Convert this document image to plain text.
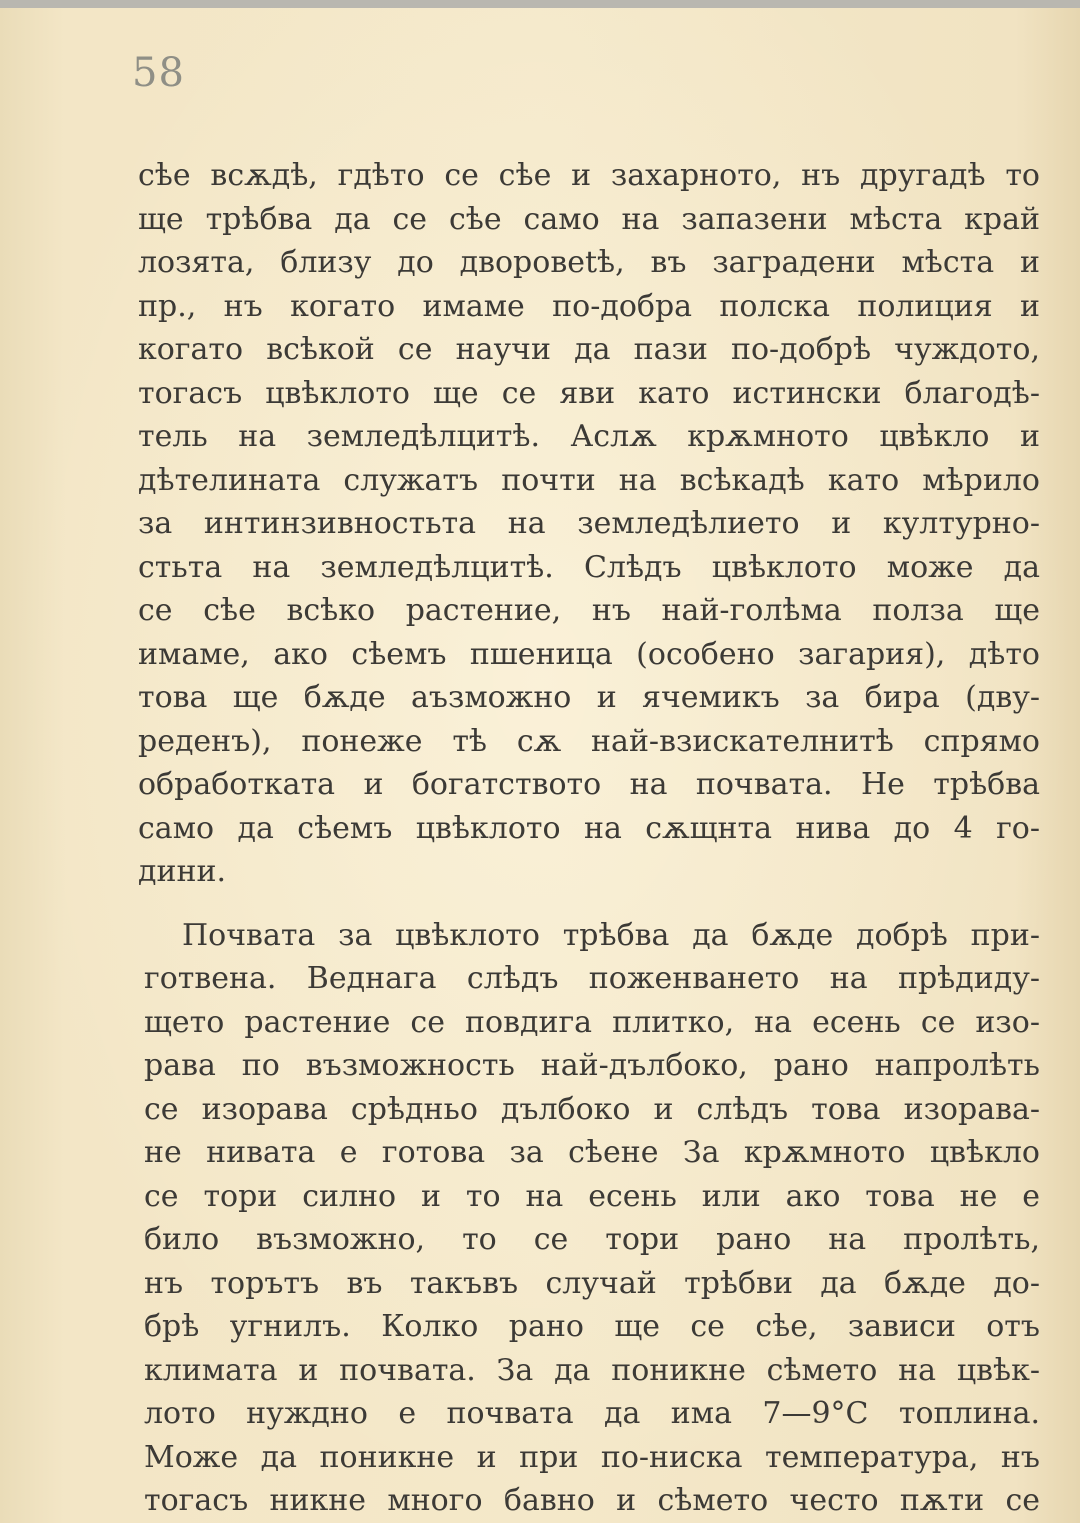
58
сѣе всѫдѣ, гдѣто се сѣе и захарното, нъ другадѣ то
ще трѣбва да се сѣе само на запазени мѣста край
лозята, близу до дворовetѣ, въ заградени мѣста и
пр., нъ когато имаме по-добра полска полиция и
когато всѣкой се научи да пази по-добрѣ чуждото,
тогасъ цвѣклото ще се яви като истински благодѣ-
тель на земледѣлцитѣ. Аслѫ крѫмното цвѣкло и
дѣтелината служатъ почти на всѣкадѣ като мѣрило
за интинзивностьта на земледѣлието и културно-
стьта на земледѣлцитѣ. Слѣдъ цвѣклото може да
се сѣе всѣко растение, нъ най-голѣма полза ще
имаме, ако сѣемъ пшеница (особено загария), дѣто
това ще бѫде аъзможно и ячемикъ за бира (дву-
реденъ), понеже тѣ сѫ най-взискателнитѣ спрямо
обработката и богатството на почвата. Не трѣбва
само да сѣемъ цвѣклото на сѫщнта нива до 4 го-
дини.
Почвата за цвѣклото трѣбва да бѫде добрѣ при-
готвена. Веднага слѣдъ поженването на прѣдиду-
щето растение се повдига плитко, на есень се изо-
рава по възможность най-дълбоко, рано напролѣть
се изорава срѣдньо дълбоко и слѣдъ това изорава-
не нивата е готова за сѣене За крѫмното цвѣкло
се тори силно и то на есень или ако това не е
било възможно, то се тори рано на пролѣть,
нъ торътъ въ такъвъ случай трѣбви да бѫде до-
брѣ угнилъ. Колко рано ще се сѣе, зависи отъ
климата и почвата. За да поникне сѣмето на цвѣк-
лото нуждно е почвата да има 7—9°С топлина.
Може да поникне и при по-ниска температура, нъ
тогасъ никне много бавно и сѣмето често пѫти се
